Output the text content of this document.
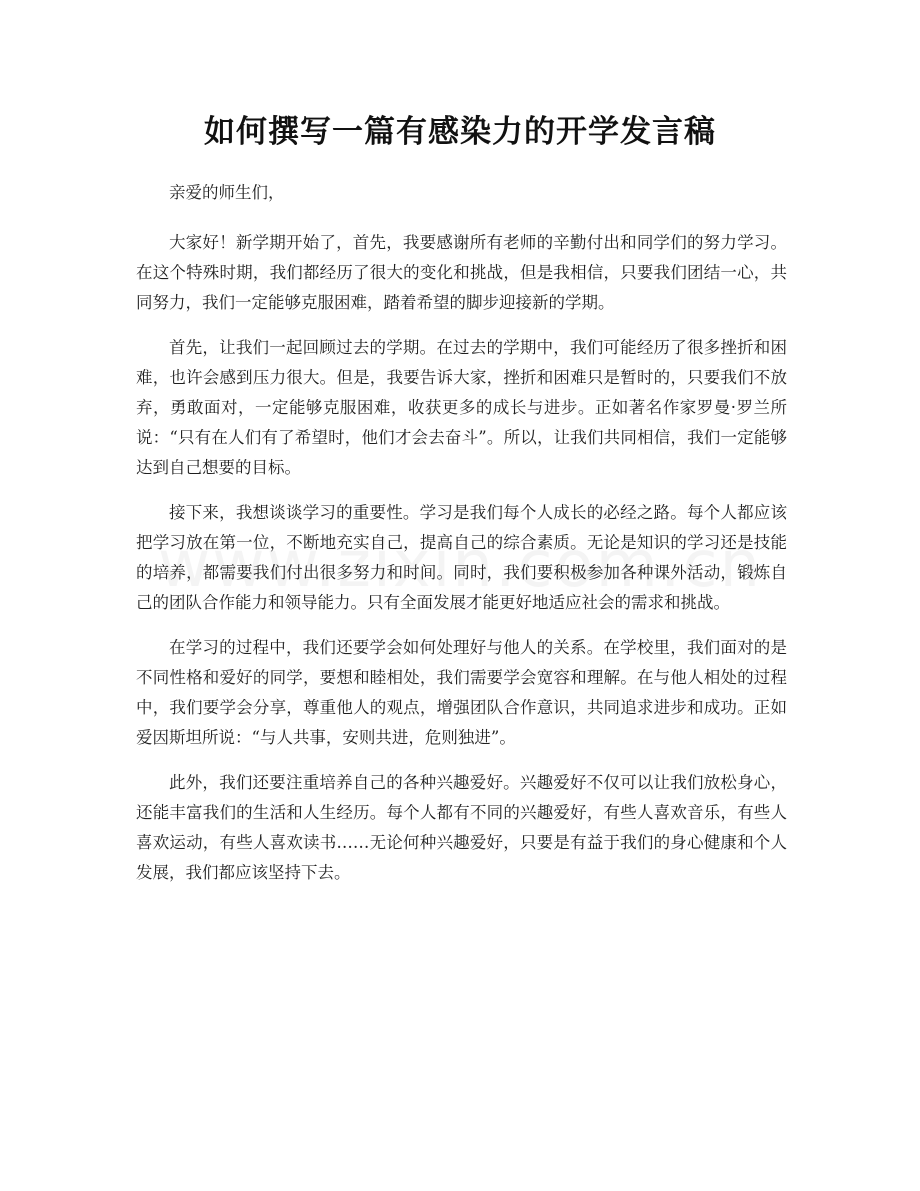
如何撰写一篇有感染力的开学发言稿

亲爱的师生们，

大家好！新学期开始了，首先，我要感谢所有老师的辛勤付出和同学们的努力学习。在这个特殊时期，我们都经历了很大的变化和挑战，但是我相信，只要我们团结一心，共同努力，我们一定能够克服困难，踏着希望的脚步迎接新的学期。

首先，让我们一起回顾过去的学期。在过去的学期中，我们可能经历了很多挫折和困难，也许会感到压力很大。但是，我要告诉大家，挫折和困难只是暂时的，只要我们不放弃，勇敢面对，一定能够克服困难，收获更多的成长与进步。正如著名作家罗曼·罗兰所说：“只有在人们有了希望时，他们才会去奋斗”。所以，让我们共同相信，我们一定能够达到自己想要的目标。

接下来，我想谈谈学习的重要性。学习是我们每个人成长的必经之路。每个人都应该把学习放在第一位，不断地充实自己，提高自己的综合素质。无论是知识的学习还是技能的培养，都需要我们付出很多努力和时间。同时，我们要积极参加各种课外活动，锻炼自己的团队合作能力和领导能力。只有全面发展才能更好地适应社会的需求和挑战。

在学习的过程中，我们还要学会如何处理好与他人的关系。在学校里，我们面对的是不同性格和爱好的同学，要想和睦相处，我们需要学会宽容和理解。在与他人相处的过程中，我们要学会分享，尊重他人的观点，增强团队合作意识，共同追求进步和成功。正如爱因斯坦所说：“与人共事，安则共进，危则独进”。

此外，我们还要注重培养自己的各种兴趣爱好。兴趣爱好不仅可以让我们放松身心，还能丰富我们的生活和人生经历。每个人都有不同的兴趣爱好，有些人喜欢音乐，有些人喜欢运动，有些人喜欢读书……无论何种兴趣爱好，只要是有益于我们的身心健康和个人发展，我们都应该坚持下去。
